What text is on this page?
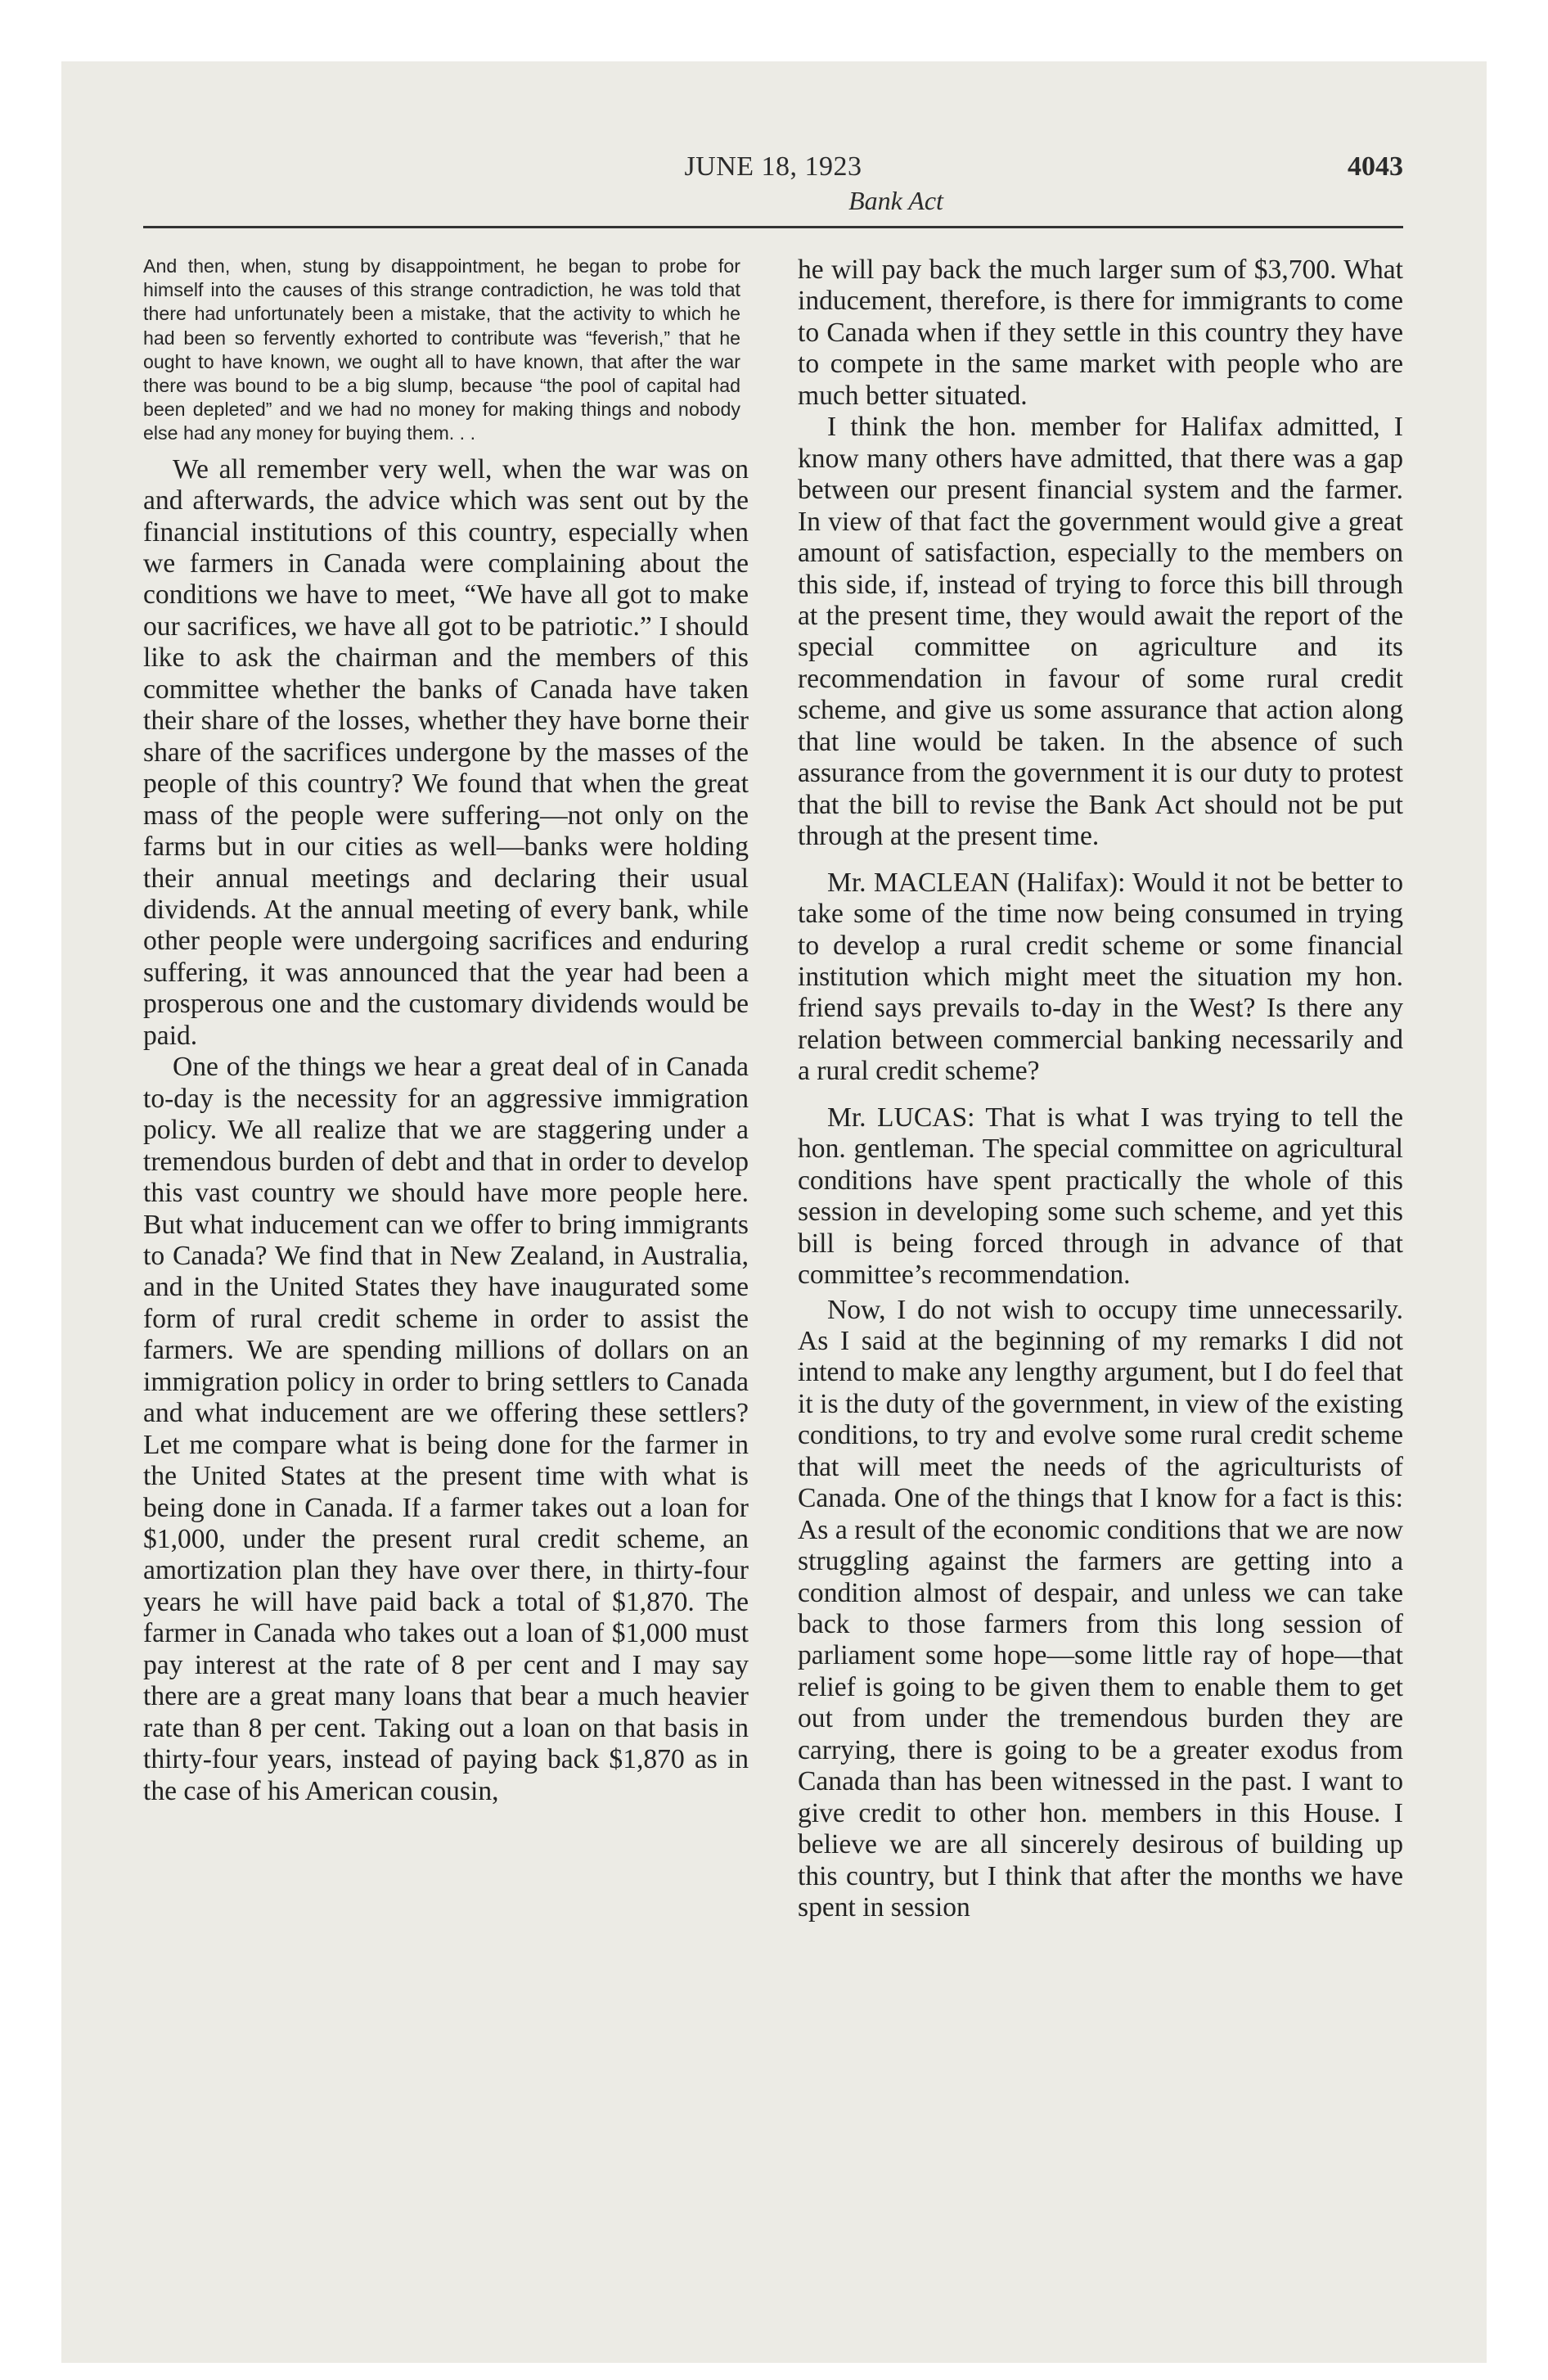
JUNE 18, 1923	4043
Bank Act

And then, when, stung by disappointment, he began to probe for himself into the causes of this strange contradiction, he was told that there had unfortunately been a mistake, that the activity to which he had been so fervently exhorted to contribute was “feverish,” that he ought to have known, we ought all to have known, that after the war there was bound to be a big slump, because “the pool of capital had been depleted” and we had no money for making things and nobody else had any money for buying them. . .

We all remember very well, when the war was on and afterwards, the advice which was sent out by the financial institutions of this country, especially when we farmers in Canada were complaining about the conditions we have to meet, “We have all got to make our sacrifices, we have all got to be patriotic.” I should like to ask the chairman and the members of this committee whether the banks of Canada have taken their share of the losses, whether they have borne their share of the sacrifices undergone by the masses of the people of this country? We found that when the great mass of the people were suffering—not only on the farms but in our cities as well—banks were holding their annual meetings and declaring their usual dividends. At the annual meeting of every bank, while other people were undergoing sacrifices and enduring suffering, it was announced that the year had been a prosperous one and the customary dividends would be paid.

One of the things we hear a great deal of in Canada to-day is the necessity for an aggressive immigration policy. We all realize that we are staggering under a tremendous burden of debt and that in order to develop this vast country we should have more people here. But what inducement can we offer to bring immigrants to Canada? We find that in New Zealand, in Australia, and in the United States they have inaugurated some form of rural credit scheme in order to assist the farmers. We are spending millions of dollars on an immigration policy in order to bring settlers to Canada and what inducement are we offering these settlers? Let me compare what is being done for the farmer in the United States at the present time with what is being done in Canada. If a farmer takes out a loan for $1,000, under the present rural credit scheme, an amortization plan they have over there, in thirty-four years he will have paid back a total of $1,870. The farmer in Canada who takes out a loan of $1,000 must pay interest at the rate of 8 per cent and I may say there are a great many loans that bear a much heavier rate than 8 per cent. Taking out a loan on that basis in thirty-four years, instead of paying back $1,870 as in the case of his American cousin,

he will pay back the much larger sum of $3,700. What inducement, therefore, is there for immigrants to come to Canada when if they settle in this country they have to compete in the same market with people who are much better situated.

I think the hon. member for Halifax admitted, I know many others have admitted, that there was a gap between our present financial system and the farmer. In view of that fact the government would give a great amount of satisfaction, especially to the members on this side, if, instead of trying to force this bill through at the present time, they would await the report of the special committee on agriculture and its recommendation in favour of some rural credit scheme, and give us some assurance that action along that line would be taken. In the absence of such assurance from the government it is our duty to protest that the bill to revise the Bank Act should not be put through at the present time.

Mr. MACLEAN (Halifax): Would it not be better to take some of the time now being consumed in trying to develop a rural credit scheme or some financial institution which might meet the situation my hon. friend says prevails to-day in the West? Is there any relation between commercial banking necessarily and a rural credit scheme?

Mr. LUCAS: That is what I was trying to tell the hon. gentleman. The special committee on agricultural conditions have spent practically the whole of this session in developing some such scheme, and yet this bill is being forced through in advance of that committee’s recommendation.

Now, I do not wish to occupy time unnecessarily. As I said at the beginning of my remarks I did not intend to make any lengthy argument, but I do feel that it is the duty of the government, in view of the existing conditions, to try and evolve some rural credit scheme that will meet the needs of the agriculturists of Canada. One of the things that I know for a fact is this: As a result of the economic conditions that we are now struggling against the farmers are getting into a condition almost of despair, and unless we can take back to those farmers from this long session of parliament some hope—some little ray of hope—that relief is going to be given them to enable them to get out from under the tremendous burden they are carrying, there is going to be a greater exodus from Canada than has been witnessed in the past. I want to give credit to other hon. members in this House. I believe we are all sincerely desirous of building up this country, but I think that after the months we have spent in session
